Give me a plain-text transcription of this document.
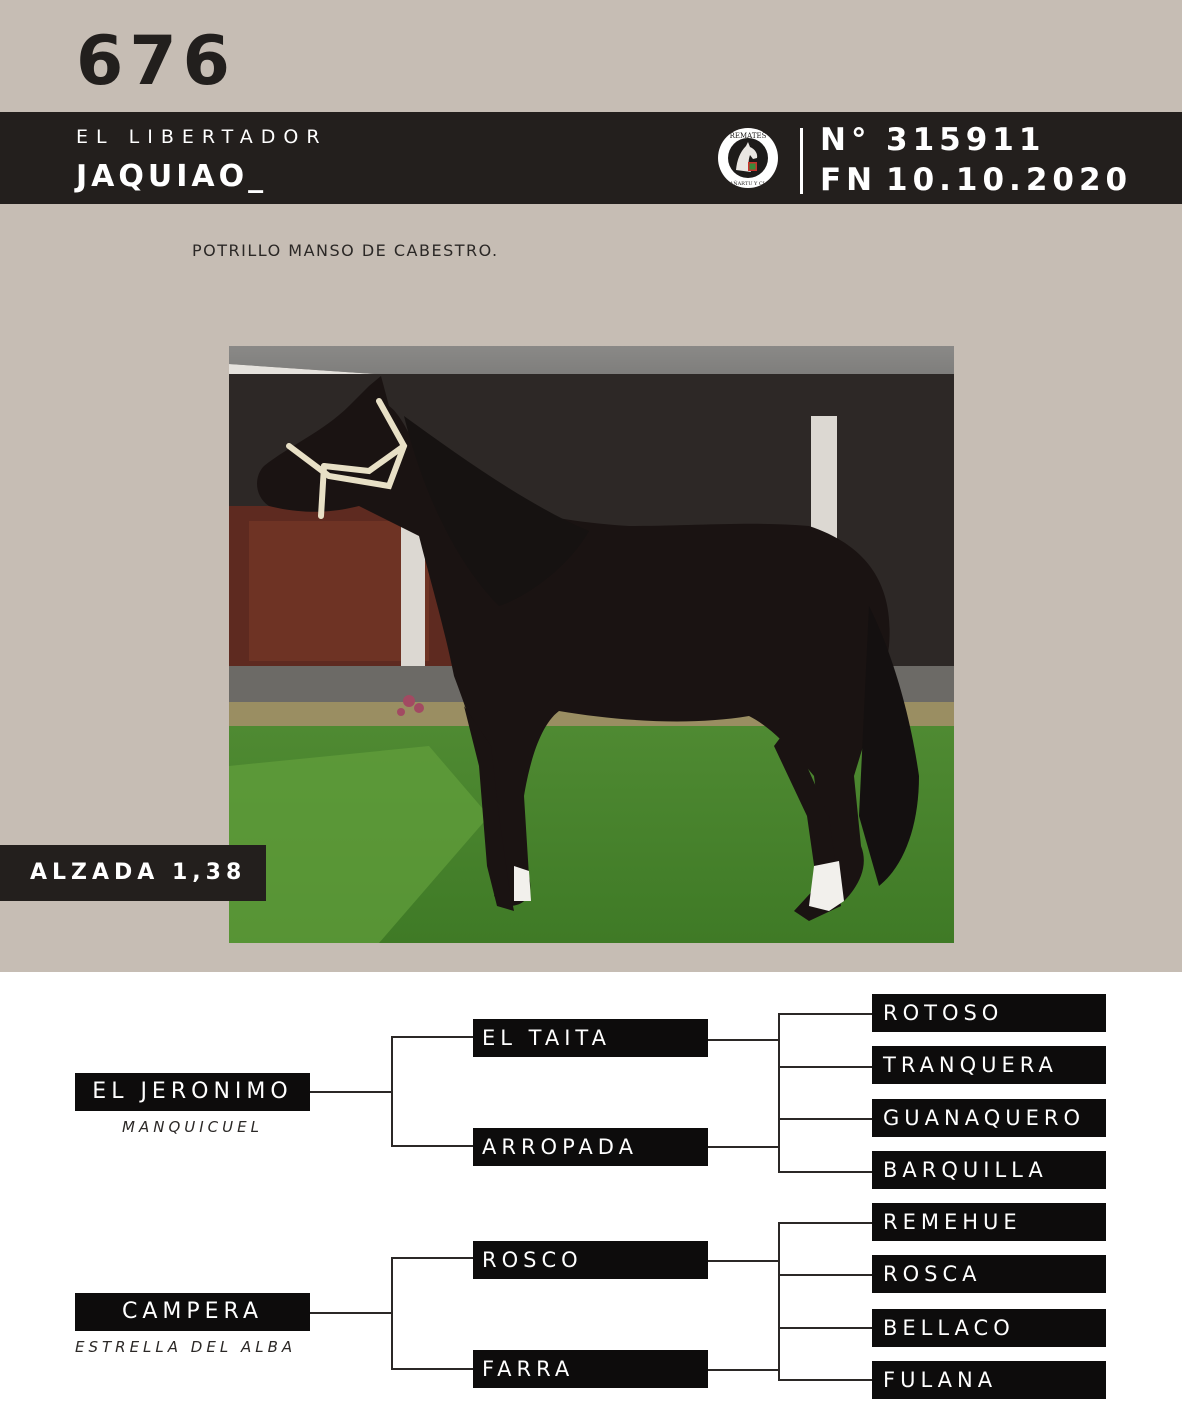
676
EL LIBERTADOR
JAQUIAO_
REMATES
ZAÑARTU Y CIA.
N° 315911
FN 10.10.2020
POTRILLO MANSO DE CABESTRO.
ALZADA 1,38
EL JERONIMO
MANQUICUEL
CAMPERA
ESTRELLA DEL ALBA
EL TAITA
ARROPADA
ROSCO
FARRA
ROTOSO
TRANQUERA
GUANAQUERO
BARQUILLA
REMEHUE
ROSCA
BELLACO
FULANA
